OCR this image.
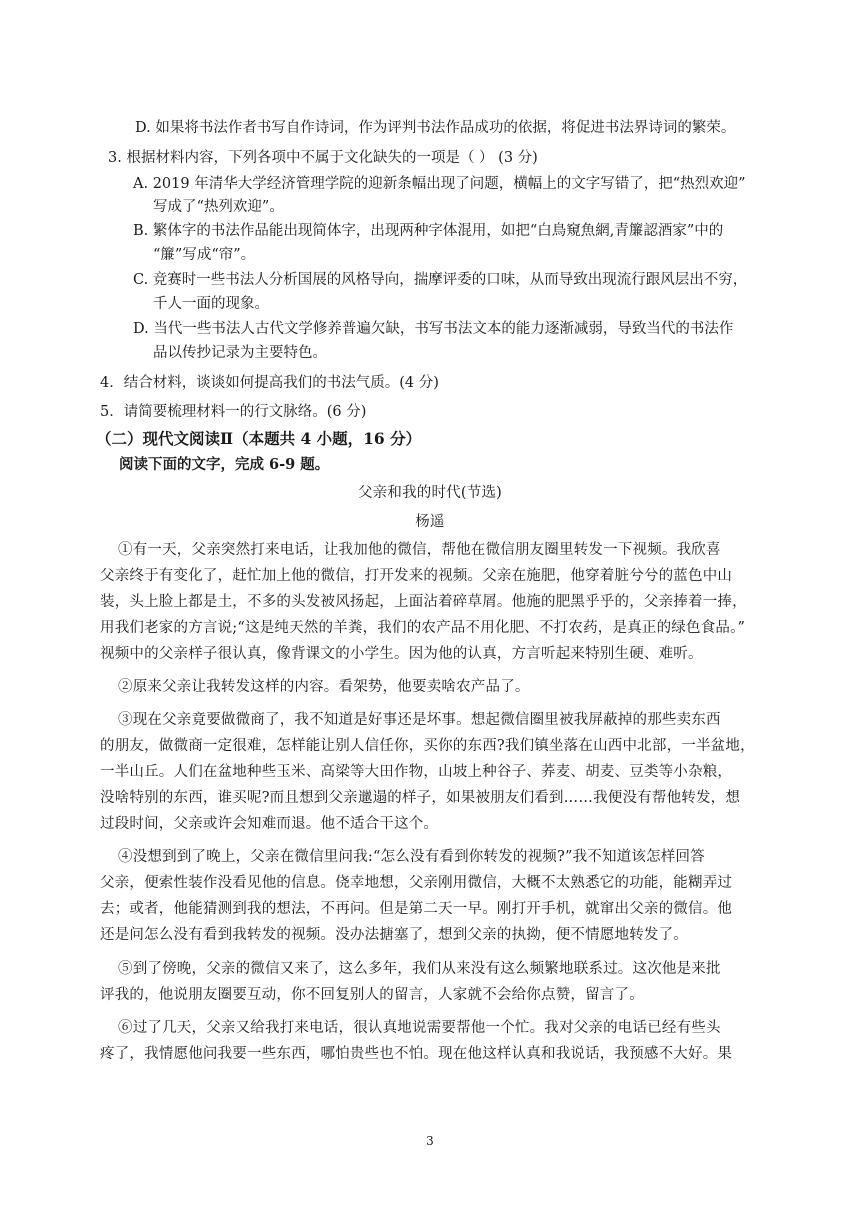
D. 如果将书法作者书写自作诗词，作为评判书法作品成功的依据，将促进书法界诗词的繁荣。
3. 根据材料内容，下列各项中不属于文化缺失的一项是（ ） (3 分)
A. 2019 年清华大学经济管理学院的迎新条幅出现了问题，横幅上的文字写错了，把“热烈欢迎”
写成了“热列欢迎”。
B. 繁体字的书法作品能出现简体字，出现两种字体混用，如把“白鳥窺魚網,青簾認酒家”中的
“簾”写成“帘”。
C. 竞赛时一些书法人分析国展的风格导向，揣摩评委的口味，从而导致出现流行跟风层出不穷，
千人一面的现象。
D. 当代一些书法人古代文学修养普遍欠缺，书写书法文本的能力逐渐减弱，导致当代的书法作
品以传抄记录为主要特色。
4．结合材料，谈谈如何提高我们的书法气质。(4 分)
5．请简要梳理材料一的行文脉络。(6 分)
（二）现代文阅读Ⅱ（本题共 4 小题，16 分）
阅读下面的文字，完成 6-9 题。
父亲和我的时代(节选)
杨遥
①有一天，父亲突然打来电话，让我加他的微信，帮他在微信朋友圈里转发一下视频。我欣喜
父亲终于有变化了，赶忙加上他的微信，打开发来的视频。父亲在施肥，他穿着脏兮兮的蓝色中山
装，头上脸上都是土，不多的头发被风扬起，上面沾着碎草屑。他施的肥黑乎乎的，父亲捧着一捧，
用我们老家的方言说;“这是纯天然的羊粪，我们的农产品不用化肥、不打农药，是真正的绿色食品。”
视频中的父亲样子很认真，像背课文的小学生。因为他的认真，方言听起来特别生硬、难听。
②原来父亲让我转发这样的内容。看架势，他要卖啥农产品了。
③现在父亲竟要做微商了，我不知道是好事还是坏事。想起微信圈里被我屏蔽掉的那些卖东西
的朋友，做微商一定很难，怎样能让别人信任你，买你的东西?我们镇坐落在山西中北部，一半盆地，
一半山丘。人们在盆地种些玉米、高梁等大田作物，山坡上种谷子、荞麦、胡麦、豆类等小杂粮，
没啥特别的东西，谁买呢?而且想到父亲邋遢的样子，如果被朋友们看到……我便没有帮他转发，想
过段时间，父亲或许会知难而退。他不适合干这个。
④没想到到了晚上，父亲在微信里问我:“怎么没有看到你转发的视频?”我不知道该怎样回答
父亲，便索性装作没看见他的信息。侥幸地想，父亲刚用微信，大概不太熟悉它的功能，能糊弄过
去；或者，他能猜测到我的想法，不再问。但是第二天一早。刚打开手机，就窜出父亲的微信。他
还是问怎么没有看到我转发的视频。没办法搪塞了，想到父亲的执拗，便不情愿地转发了。
⑤到了傍晚，父亲的微信又来了，这么多年，我们从来没有这么频繁地联系过。这次他是来批
评我的，他说朋友圈要互动，你不回复别人的留言，人家就不会给你点赞，留言了。
⑥过了几天，父亲又给我打来电话，很认真地说需要帮他一个忙。我对父亲的电话已经有些头
疼了，我情愿他问我要一些东西，哪怕贵些也不怕。现在他这样认真和我说话，我预感不大好。果
3
